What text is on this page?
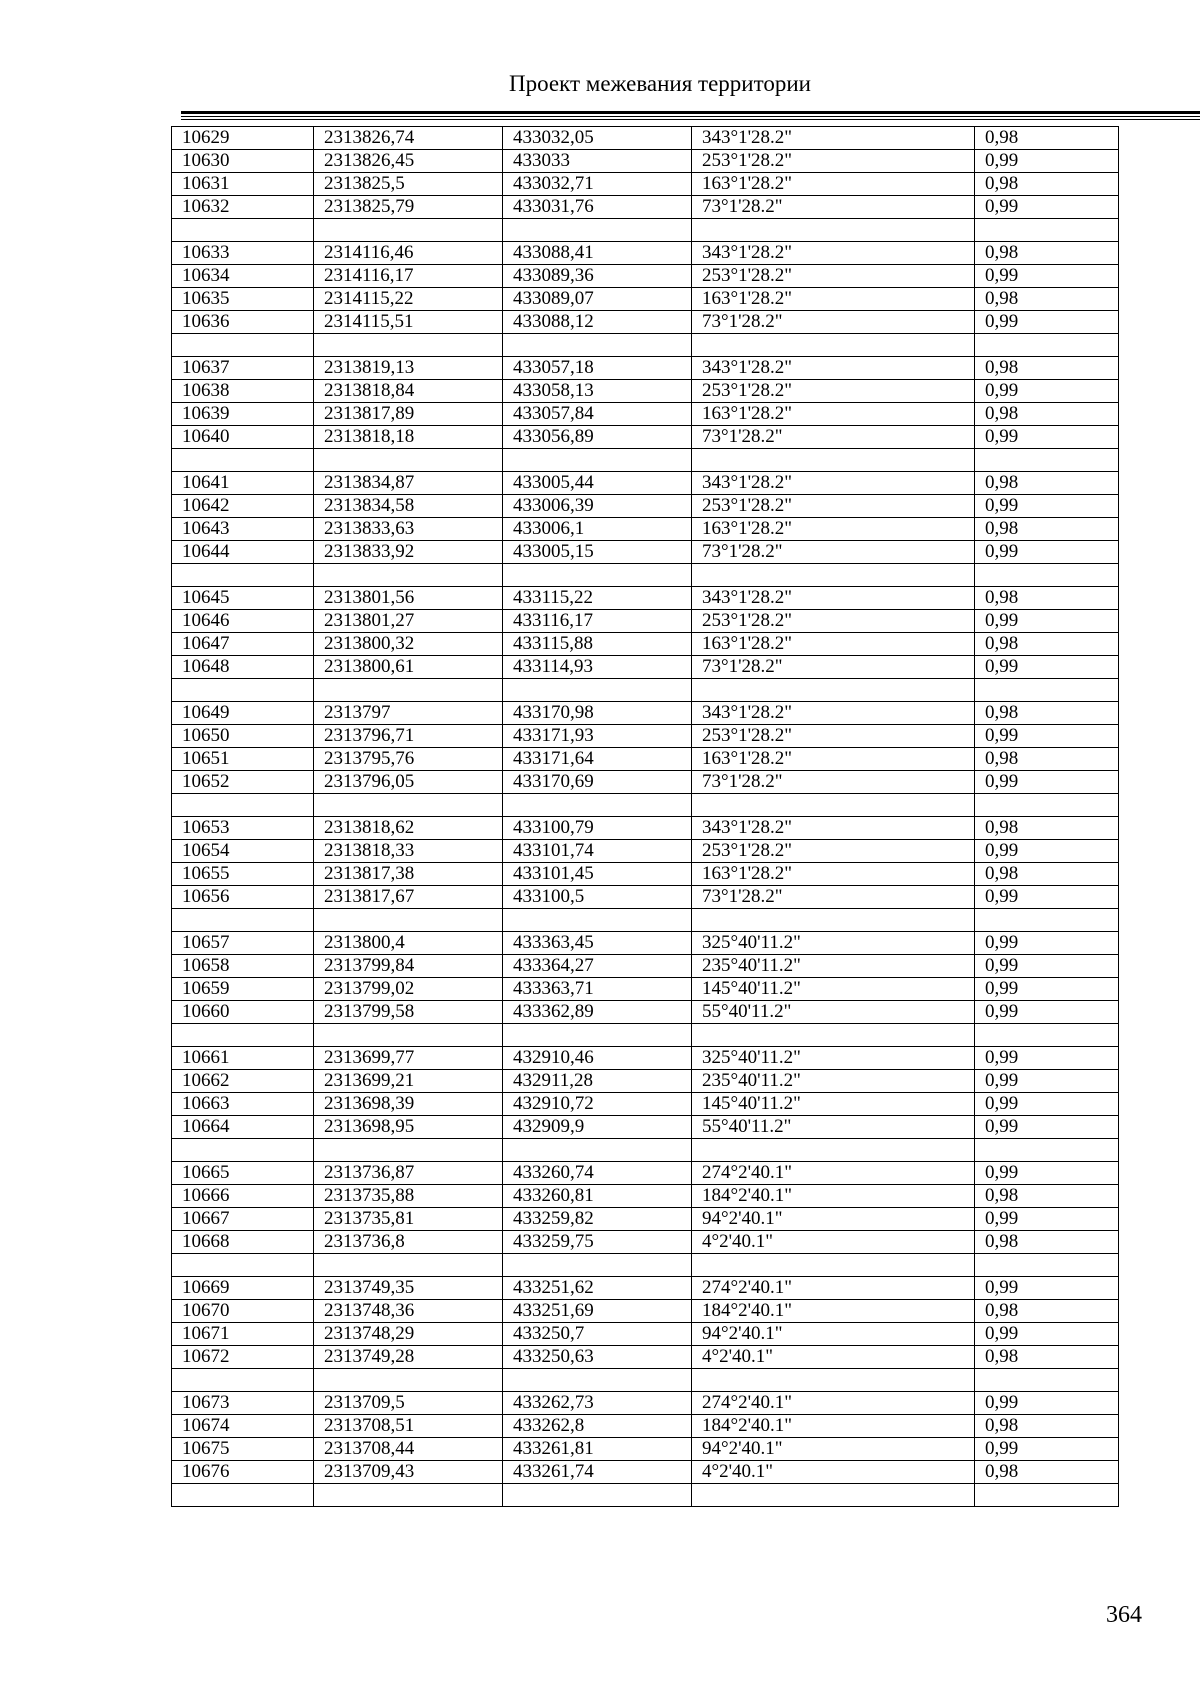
Проект межевания территории
10629	2313826,74	433032,05	343°1'28.2"	0,98
10630	2313826,45	433033	253°1'28.2"	0,99
10631	2313825,5	433032,71	163°1'28.2"	0,98
10632	2313825,79	433031,76	73°1'28.2"	0,99

10633	2314116,46	433088,41	343°1'28.2"	0,98
10634	2314116,17	433089,36	253°1'28.2"	0,99
10635	2314115,22	433089,07	163°1'28.2"	0,98
10636	2314115,51	433088,12	73°1'28.2"	0,99

10637	2313819,13	433057,18	343°1'28.2"	0,98
10638	2313818,84	433058,13	253°1'28.2"	0,99
10639	2313817,89	433057,84	163°1'28.2"	0,98
10640	2313818,18	433056,89	73°1'28.2"	0,99

10641	2313834,87	433005,44	343°1'28.2"	0,98
10642	2313834,58	433006,39	253°1'28.2"	0,99
10643	2313833,63	433006,1	163°1'28.2"	0,98
10644	2313833,92	433005,15	73°1'28.2"	0,99

10645	2313801,56	433115,22	343°1'28.2"	0,98
10646	2313801,27	433116,17	253°1'28.2"	0,99
10647	2313800,32	433115,88	163°1'28.2"	0,98
10648	2313800,61	433114,93	73°1'28.2"	0,99

10649	2313797	433170,98	343°1'28.2"	0,98
10650	2313796,71	433171,93	253°1'28.2"	0,99
10651	2313795,76	433171,64	163°1'28.2"	0,98
10652	2313796,05	433170,69	73°1'28.2"	0,99

10653	2313818,62	433100,79	343°1'28.2"	0,98
10654	2313818,33	433101,74	253°1'28.2"	0,99
10655	2313817,38	433101,45	163°1'28.2"	0,98
10656	2313817,67	433100,5	73°1'28.2"	0,99

10657	2313800,4	433363,45	325°40'11.2"	0,99
10658	2313799,84	433364,27	235°40'11.2"	0,99
10659	2313799,02	433363,71	145°40'11.2"	0,99
10660	2313799,58	433362,89	55°40'11.2"	0,99

10661	2313699,77	432910,46	325°40'11.2"	0,99
10662	2313699,21	432911,28	235°40'11.2"	0,99
10663	2313698,39	432910,72	145°40'11.2"	0,99
10664	2313698,95	432909,9	55°40'11.2"	0,99

10665	2313736,87	433260,74	274°2'40.1"	0,99
10666	2313735,88	433260,81	184°2'40.1"	0,98
10667	2313735,81	433259,82	94°2'40.1"	0,99
10668	2313736,8	433259,75	4°2'40.1"	0,98

10669	2313749,35	433251,62	274°2'40.1"	0,99
10670	2313748,36	433251,69	184°2'40.1"	0,98
10671	2313748,29	433250,7	94°2'40.1"	0,99
10672	2313749,28	433250,63	4°2'40.1"	0,98

10673	2313709,5	433262,73	274°2'40.1"	0,99
10674	2313708,51	433262,8	184°2'40.1"	0,98
10675	2313708,44	433261,81	94°2'40.1"	0,99
10676	2313709,43	433261,74	4°2'40.1"	0,98

364
